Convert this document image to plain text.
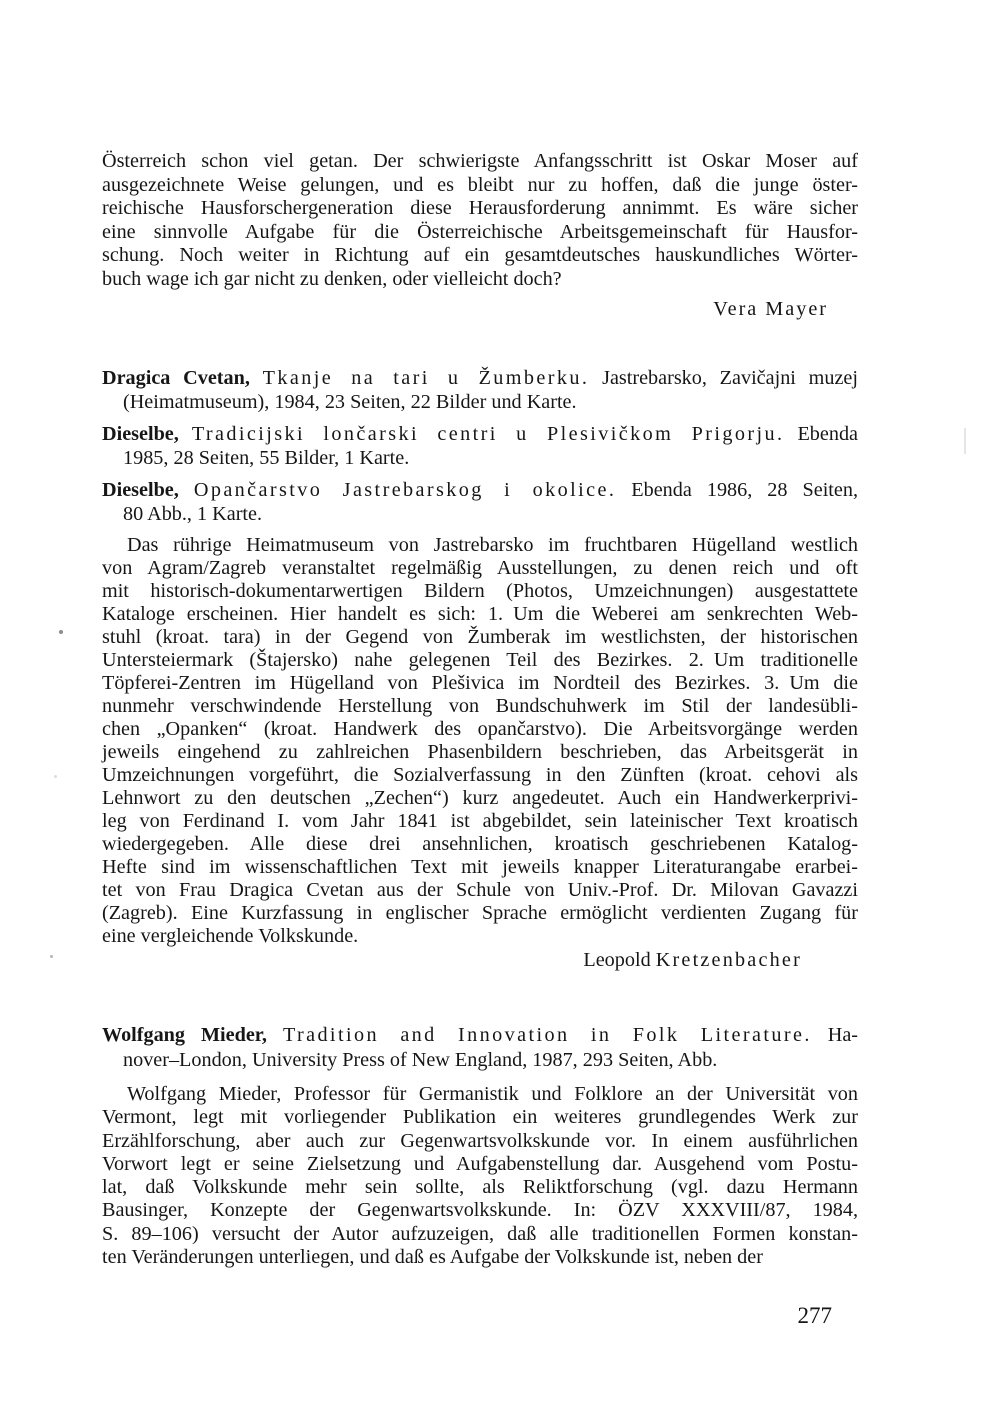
Österreich schon viel getan. Der schwierigste Anfangsschritt ist Oskar Moser auf
ausgezeichnete Weise gelungen, und es bleibt nur zu hoffen, daß die junge öster-
reichische Hausforschergeneration diese Herausforderung annimmt. Es wäre sicher
eine sinnvolle Aufgabe für die Österreichische Arbeitsgemeinschaft für Hausfor-
schung. Noch weiter in Richtung auf ein gesamtdeutsches hauskundliches Wörter-
buch wage ich gar nicht zu denken, oder vielleicht doch?
Vera Mayer
Dragica Cvetan, Tkanje na tari u Žumberku. Jastrebarsko, Zavičajni muzej
(Heimatmuseum), 1984, 23 Seiten, 22 Bilder und Karte.
Dieselbe, Tradicijski lončarski centri u Plesivičkom Prigorju. Ebenda
1985, 28 Seiten, 55 Bilder, 1 Karte.
Dieselbe, Opančarstvo Jastrebarskog i okolice. Ebenda 1986, 28 Seiten,
80 Abb., 1 Karte.
Das rührige Heimatmuseum von Jastrebarsko im fruchtbaren Hügelland westlich
von Agram/Zagreb veranstaltet regelmäßig Ausstellungen, zu denen reich und oft
mit historisch-dokumentarwertigen Bildern (Photos, Umzeichnungen) ausgestattete
Kataloge erscheinen. Hier handelt es sich: 1. Um die Weberei am senkrechten Web-
stuhl (kroat. tara) in der Gegend von Žumberak im westlichsten, der historischen
Untersteiermark (Štajersko) nahe gelegenen Teil des Bezirkes. 2. Um traditionelle
Töpferei-Zentren im Hügelland von Plešivica im Nordteil des Bezirkes. 3. Um die
nunmehr verschwindende Herstellung von Bundschuhwerk im Stil der landesübli-
chen „Opanken“ (kroat. Handwerk des opančarstvo). Die Arbeitsvorgänge werden
jeweils eingehend zu zahlreichen Phasenbildern beschrieben, das Arbeitsgerät in
Umzeichnungen vorgeführt, die Sozialverfassung in den Zünften (kroat. cehovi als
Lehnwort zu den deutschen „Zechen“) kurz angedeutet. Auch ein Handwerkerprivi-
leg von Ferdinand I. vom Jahr 1841 ist abgebildet, sein lateinischer Text kroatisch
wiedergegeben. Alle diese drei ansehnlichen, kroatisch geschriebenen Katalog-
Hefte sind im wissenschaftlichen Text mit jeweils knapper Literaturangabe erarbei-
tet von Frau Dragica Cvetan aus der Schule von Univ.-Prof. Dr. Milovan Gavazzi
(Zagreb). Eine Kurzfassung in englischer Sprache ermöglicht verdienten Zugang für
eine vergleichende Volkskunde.
Leopold Kretzenbacher
Wolfgang Mieder, Tradition and Innovation in Folk Literature. Ha-
nover–London, University Press of New England, 1987, 293 Seiten, Abb.
Wolfgang Mieder, Professor für Germanistik und Folklore an der Universität von
Vermont, legt mit vorliegender Publikation ein weiteres grundlegendes Werk zur
Erzählforschung, aber auch zur Gegenwartsvolkskunde vor. In einem ausführlichen
Vorwort legt er seine Zielsetzung und Aufgabenstellung dar. Ausgehend vom Postu-
lat, daß Volkskunde mehr sein sollte, als Reliktforschung (vgl. dazu Hermann
Bausinger, Konzepte der Gegenwartsvolkskunde. In: ÖZV XXXVIII/87, 1984,
S. 89–106) versucht der Autor aufzuzeigen, daß alle traditionellen Formen konstan-
ten Veränderungen unterliegen, und daß es Aufgabe der Volkskunde ist, neben der
277
